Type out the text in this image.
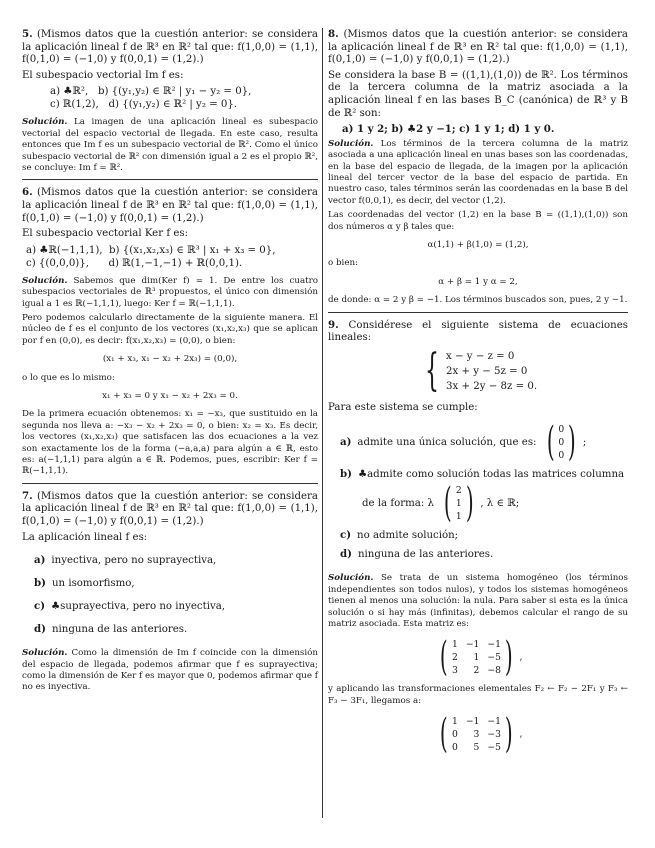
5. (Mismos datos que la cuestión anterior: se considera la aplicación lineal f de ℝ³ en ℝ² tal que: f(1,0,0) = (1,1), f(0,1,0) = (−1,0) y f(0,0,1) = (1,2).)

El subespacio vectorial Im f es:

a) ♣ℝ², b) {(y₁,y₂) ∈ ℝ² | y₁ − y₂ = 0},
c) ℝ(1,2), d) {(y₁,y₂) ∈ ℝ² | y₂ = 0}.

Solución. La imagen de una aplicación lineal es subespacio vectorial del espacio vectorial de llegada. En este caso, resulta entonces que Im f es un subespacio vectorial de ℝ². Como el único subespacio vectorial de ℝ² con dimensión igual a 2 es el propio ℝ², se concluye: Im f = ℝ².

6. (Mismos datos que la cuestión anterior: se considera la aplicación lineal f de ℝ³ en ℝ² tal que: f(1,0,0) = (1,1), f(0,1,0) = (−1,0) y f(0,0,1) = (1,2).)

El subespacio vectorial Ker f es:

a) ♣ℝ(−1,1,1), b) {(x₁,x₂,x₃) ∈ ℝ³ | x₁ + x₃ = 0},
c) {(0,0,0)}, d) ℝ(1,−1,−1) + ℝ(0,0,1).

Solución. Sabemos que dim(Ker f) = 1. De entre los cuatro subespacios vectoriales de ℝ³ propuestos, el único con dimensión igual a 1 es ℝ(−1,1,1), luego: Ker f = ℝ(−1,1,1).

Pero podemos calcularlo directamente de la siguiente manera. El núcleo de f es el conjunto de los vectores (x₁,x₂,x₃) que se aplican por f en (0,0), es decir: f(x₁,x₂,x₃) = (0,0), o bien:

(x₁ + x₃, x₁ − x₂ + 2x₃) = (0,0),

o lo que es lo mismo:

x₁ + x₃ = 0 y x₁ − x₂ + 2x₃ = 0.

De la primera ecuación obtenemos: x₁ = −x₃, que sustituido en la segunda nos lleva a: −x₃ − x₂ + 2x₃ = 0, o bien: x₂ = x₃. Es decir, los vectores (x₁,x₂,x₃) que satisfacen las dos ecuaciones a la vez son exactamente los de la forma (−a,a,a) para algún a ∈ ℝ, esto es: a(−1,1,1) para algún a ∈ ℝ. Podemos, pues, escribir: Ker f = ℝ(−1,1,1).

7. (Mismos datos que la cuestión anterior: se considera la aplicación lineal f de ℝ³ en ℝ² tal que: f(1,0,0) = (1,1), f(0,1,0) = (−1,0) y f(0,0,1) = (1,2).)

La aplicación lineal f es:

a) inyectiva, pero no suprayectiva,
b) un isomorfismo,
c) ♣suprayectiva, pero no inyectiva,
d) ninguna de las anteriores.

Solución. Como la dimensión de Im f coincide con la dimensión del espacio de llegada, podemos afirmar que f es suprayectiva; como la dimensión de Ker f es mayor que 0, podemos afirmar que f no es inyectiva.

8. (Mismos datos que la cuestión anterior: se considera la aplicación lineal f de ℝ³ en ℝ² tal que: f(1,0,0) = (1,1), f(0,1,0) = (−1,0) y f(0,0,1) = (1,2).)

Se considera la base B = ((1,1),(1,0)) de ℝ². Los términos de la tercera columna de la matriz asociada a la aplicación lineal f en las bases B_C (canónica) de ℝ³ y B de ℝ² son:

a) 1 y 2; b) ♣2 y −1; c) 1 y 1; d) 1 y 0.

Solución. Los términos de la tercera columna de la matriz asociada a una aplicación lineal en unas bases son las coordenadas, en la base del espacio de llegada, de la imagen por la aplicación lineal del tercer vector de la base del espacio de partida. En nuestro caso, tales términos serán las coordenadas en la base B del vector f(0,0,1), es decir, del vector (1,2).

Las coordenadas del vector (1,2) en la base B = ((1,1),(1,0)) son dos números α y β tales que:

α(1,1) + β(1,0) = (1,2),

o bien:

α + β = 1 y α = 2,

de donde: α = 2 y β = −1. Los términos buscados son, pues, 2 y −1.

9. Considérese el siguiente sistema de ecuaciones lineales:

{ x − y − z = 0
2x + y − 5z = 0
3x + 2y − 8z = 0.

Para este sistema se cumple:

a) admite una única solución, que es: ( 0
0
0 ) ;
b) ♣admite como solución todas las matrices columna
de la forma: λ ( 2
1
1 ) , λ ∈ ℝ;
c) no admite solución;
d) ninguna de las anteriores.

Solución. Se trata de un sistema homogéneo (los términos independientes son todos nulos), y todos los sistemas homogéneos tienen al menos una solución: la nula. Para saber si esta es la única solución o si hay más (infinitas), debemos calcular el rango de su matriz asociada. Esta matriz es:

( 1 −1 −1
2	1 −5
3	2 −8 ) ,

y aplicando las transformaciones elementales F₂ ← F₂ − 2F₁ y F₃ ← F₃ − 3F₁, llegamos a:

( 1 −1 −1
0	3 −3
0	5 −5 ) ,
